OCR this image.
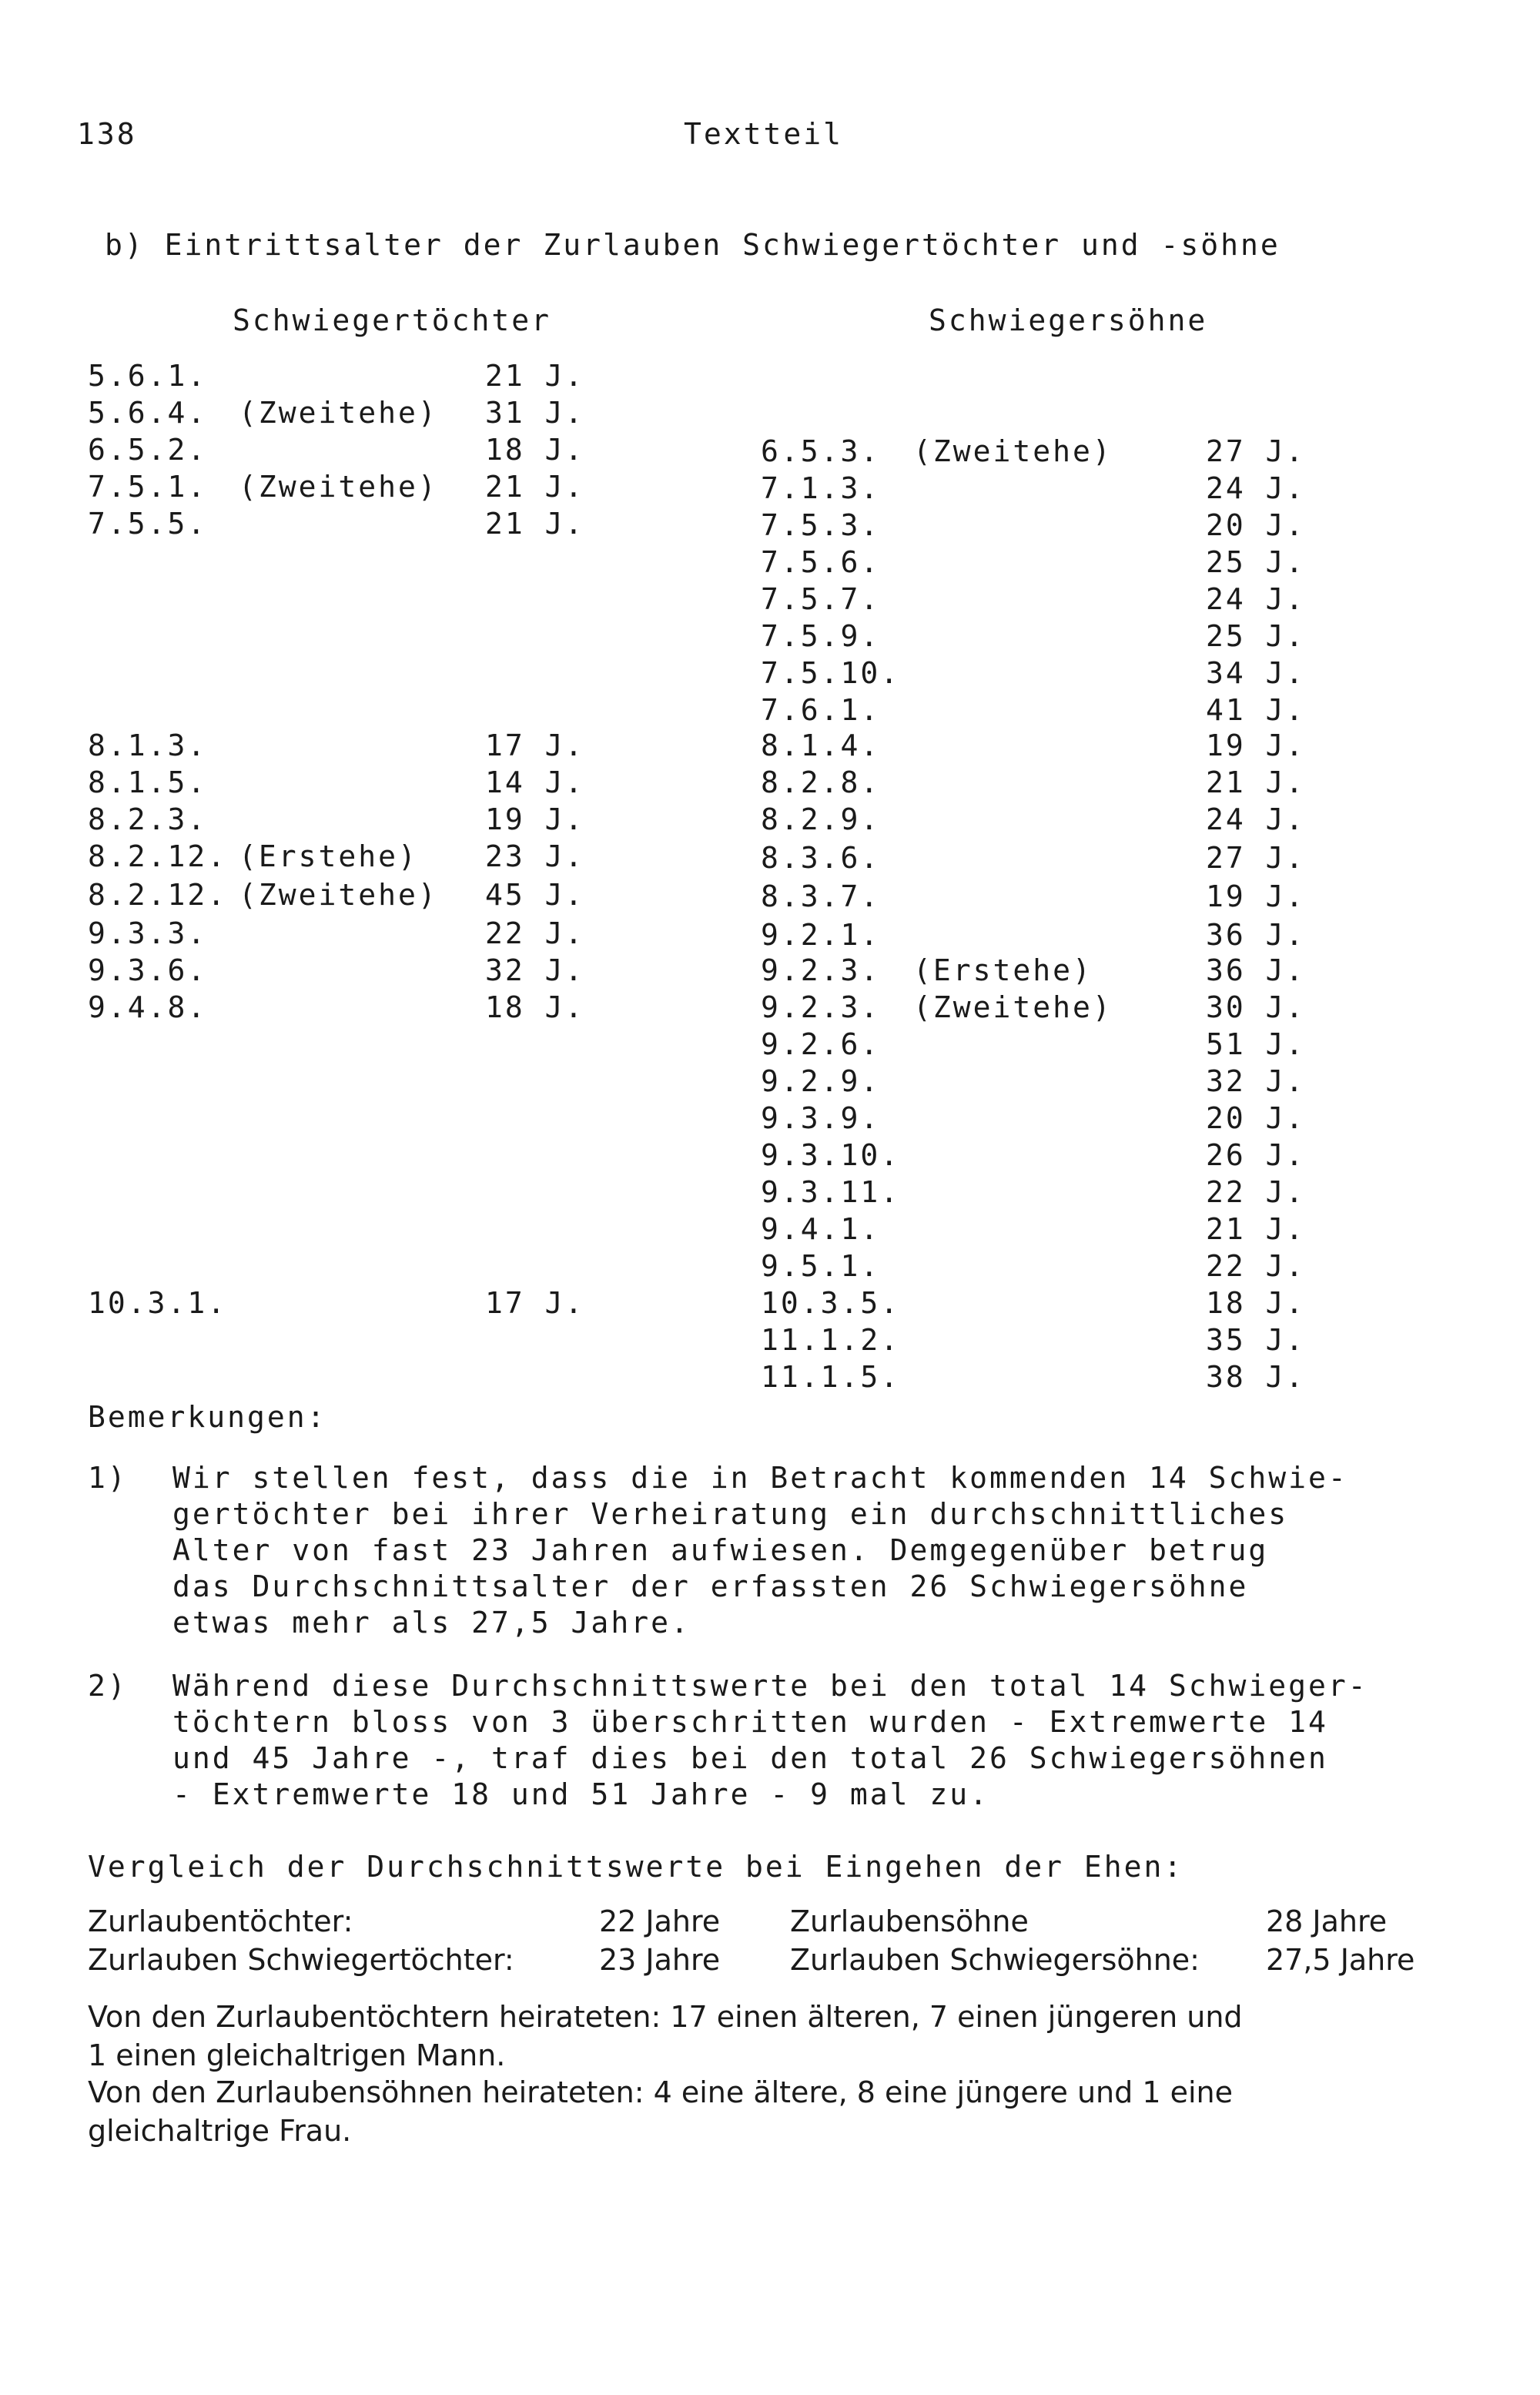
138	Textteil
b) Eintrittsalter der Zurlauben Schwiegertöchter und -söhne
Schwiegertöchter	Schwiegersöhne
5.6.1.	21 J.
5.6.4. (Zweitehe) 31 J.
6.5.2.	18 J.
7.5.1. (Zweitehe) 21 J.
7.5.5.	21 J.
8.1.3.	17 J.
8.1.5.	14 J.
8.2.3.	19 J.
8.2.12. (Erstehe) 23 J.
8.2.12. (Zweitehe) 45 J.
9.3.3.	22 J.
9.3.6.	32 J.
9.4.8.	18 J.
10.3.1.	17 J.
6.5.3. (Zweitehe)	27 J.
7.1.3.	24 J.
7.5.3.	20 J.
7.5.6.	25 J.
7.5.7.	24 J.
7.5.9.	25 J.
7.5.10.	34 J.
7.6.1.	41 J.
8.1.4.	19 J.
8.2.8.	21 J.
8.2.9.	24 J.
8.3.6.	27 J.
8.3.7.	19 J.
9.2.1.	36 J.
9.2.3. (Erstehe)	36 J.
9.2.3. (Zweitehe)	30 J.
9.2.6.	51 J.
9.2.9.	32 J.
9.3.9.	20 J.
9.3.10.	26 J.
9.3.11.	22 J.
9.4.1.	21 J.
9.5.1.	22 J.
10.3.5.	18 J.
11.1.2.	35 J.
11.1.5.	38 J.
Bemerkungen:
1) Wir stellen fest, dass die in Betracht kommenden 14 Schwie-
gertöchter bei ihrer Verheiratung ein durchschnittliches
Alter von fast 23 Jahren aufwiesen. Demgegenüber betrug
das Durchschnittsalter der erfassten 26 Schwiegersöhne
etwas mehr als 27,5 Jahre.
2) Während diese Durchschnittswerte bei den total 14 Schwieger-
töchtern bloss von 3 überschritten wurden - Extremwerte 14
und 45 Jahre -, traf dies bei den total 26 Schwiegersöhnen
- Extremwerte 18 und 51 Jahre - 9 mal zu.
Vergleich der Durchschnittswerte bei Eingehen der Ehen:
Zurlaubentöchter:	22 Jahre Zurlaubensöhne	28 Jahre
Zurlauben Schwiegertöchter:	23 Jahre Zurlauben Schwiegersöhne: 27,5 Jahre
Von den Zurlaubentöchtern heirateten: 17 einen älteren, 7 einen jüngeren und
1 einen gleichaltrigen Mann.
Von den Zurlaubensöhnen heirateten: 4 eine ältere, 8 eine jüngere und 1 eine
gleichaltrige Frau.
